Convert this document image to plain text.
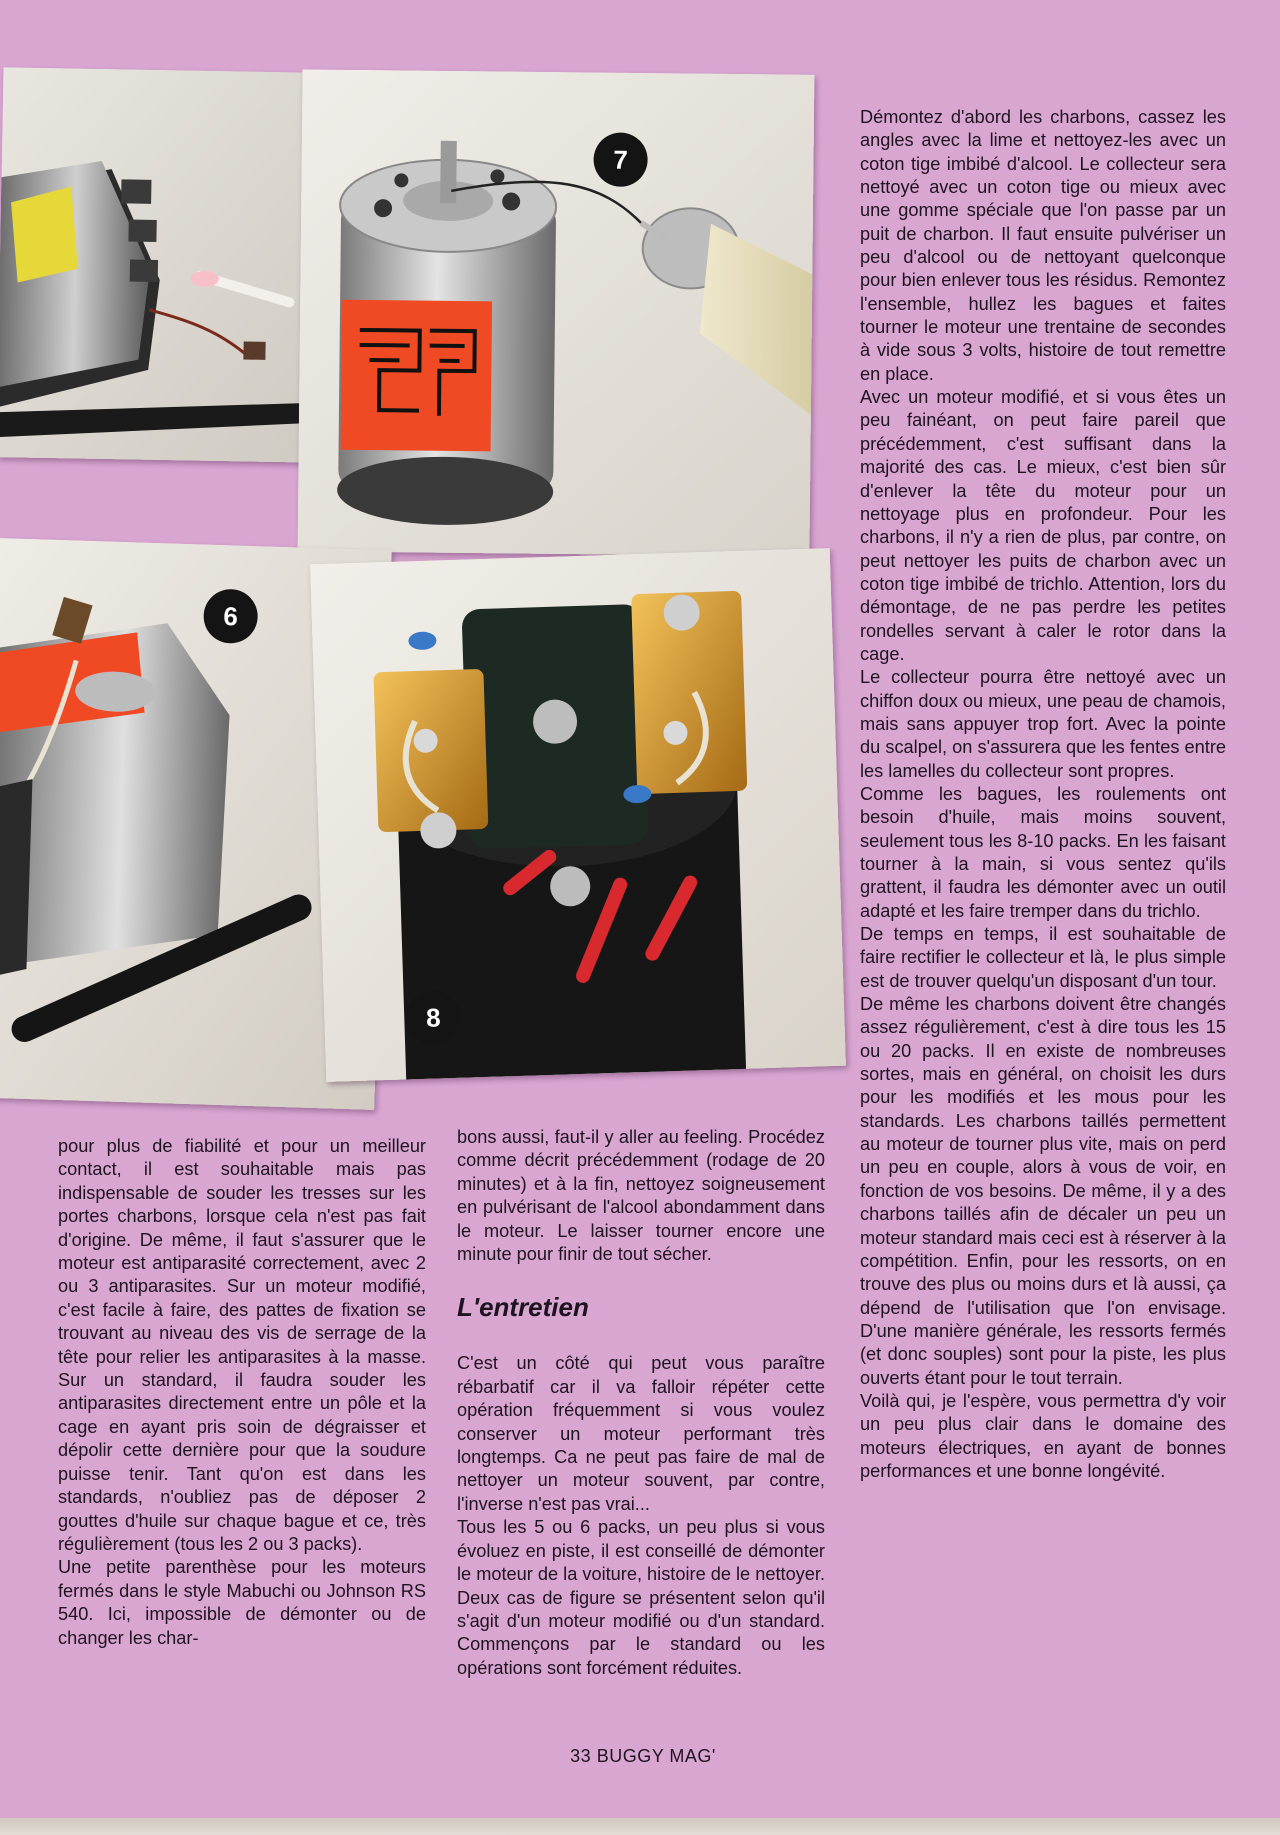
7
6
8

pour plus de fiabilité et pour un meilleur contact, il est souhaitable mais pas indispensable de souder les tresses sur les portes charbons, lorsque cela n'est pas fait d'origine. De même, il faut s'assurer que le moteur est antiparasité correctement, avec 2 ou 3 antiparasites. Sur un moteur modifié, c'est facile à faire, des pattes de fixation se trouvant au niveau des vis de serrage de la tête pour relier les antiparasites à la masse. Sur un standard, il faudra souder les antiparasites directement entre un pôle et la cage en ayant pris soin de dégraisser et dépolir cette dernière pour que la soudure puisse tenir. Tant qu'on est dans les standards, n'oubliez pas de déposer 2 gouttes d'huile sur chaque bague et ce, très régulièrement (tous les 2 ou 3 packs).

Une petite parenthèse pour les moteurs fermés dans le style Mabuchi ou Johnson RS 540. Ici, impossible de démonter ou de changer les char-

bons aussi, faut-il y aller au feeling. Procédez comme décrit précédemment (rodage de 20 minutes) et à la fin, nettoyez soigneusement en pulvérisant de l'alcool abondamment dans le moteur. Le laisser tourner encore une minute pour finir de tout sécher.

L'entretien

C'est un côté qui peut vous paraître rébarbatif car il va falloir répéter cette opération fréquemment si vous voulez conserver un moteur performant très longtemps. Ca ne peut pas faire de mal de nettoyer un moteur souvent, par contre, l'inverse n'est pas vrai...

Tous les 5 ou 6 packs, un peu plus si vous évoluez en piste, il est conseillé de démonter le moteur de la voiture, histoire de le nettoyer. Deux cas de figure se présentent selon qu'il s'agit d'un moteur modifié ou d'un standard. Commençons par le standard ou les opérations sont forcément réduites.

Démontez d'abord les charbons, cassez les angles avec la lime et nettoyez-les avec un coton tige imbibé d'alcool. Le collecteur sera nettoyé avec un coton tige ou mieux avec une gomme spéciale que l'on passe par un puit de charbon. Il faut ensuite pulvériser un peu d'alcool ou de nettoyant quelconque pour bien enlever tous les résidus. Remontez l'ensemble, hullez les bagues et faites tourner le moteur une trentaine de secondes à vide sous 3 volts, histoire de tout remettre en place.

Avec un moteur modifié, et si vous êtes un peu fainéant, on peut faire pareil que précédemment, c'est suffisant dans la majorité des cas. Le mieux, c'est bien sûr d'enlever la tête du moteur pour un nettoyage plus en profondeur. Pour les charbons, il n'y a rien de plus, par contre, on peut nettoyer les puits de charbon avec un coton tige imbibé de trichlo. Attention, lors du démontage, de ne pas perdre les petites rondelles servant à caler le rotor dans la cage.

Le collecteur pourra être nettoyé avec un chiffon doux ou mieux, une peau de chamois, mais sans appuyer trop fort. Avec la pointe du scalpel, on s'assurera que les fentes entre les lamelles du collecteur sont propres.

Comme les bagues, les roulements ont besoin d'huile, mais moins souvent, seulement tous les 8-10 packs. En les faisant tourner à la main, si vous sentez qu'ils grattent, il faudra les démonter avec un outil adapté et les faire tremper dans du trichlo.

De temps en temps, il est souhaitable de faire rectifier le collecteur et là, le plus simple est de trouver quelqu'un disposant d'un tour.

De même les charbons doivent être changés assez régulièrement, c'est à dire tous les 15 ou 20 packs. Il en existe de nombreuses sortes, mais en général, on choisit les durs pour les modifiés et les mous pour les standards. Les charbons taillés permettent au moteur de tourner plus vite, mais on perd un peu en couple, alors à vous de voir, en fonction de vos besoins. De même, il y a des charbons taillés afin de décaler un peu un moteur standard mais ceci est à réserver à la compétition. Enfin, pour les ressorts, on en trouve des plus ou moins durs et là aussi, ça dépend de l'utilisation que l'on envisage. D'une manière générale, les ressorts fermés (et donc souples) sont pour la piste, les plus ouverts étant pour le tout terrain.

Voilà qui, je l'espère, vous permettra d'y voir un peu plus clair dans le domaine des moteurs électriques, en ayant de bonnes performances et une bonne longévité.

33 BUGGY MAG'
